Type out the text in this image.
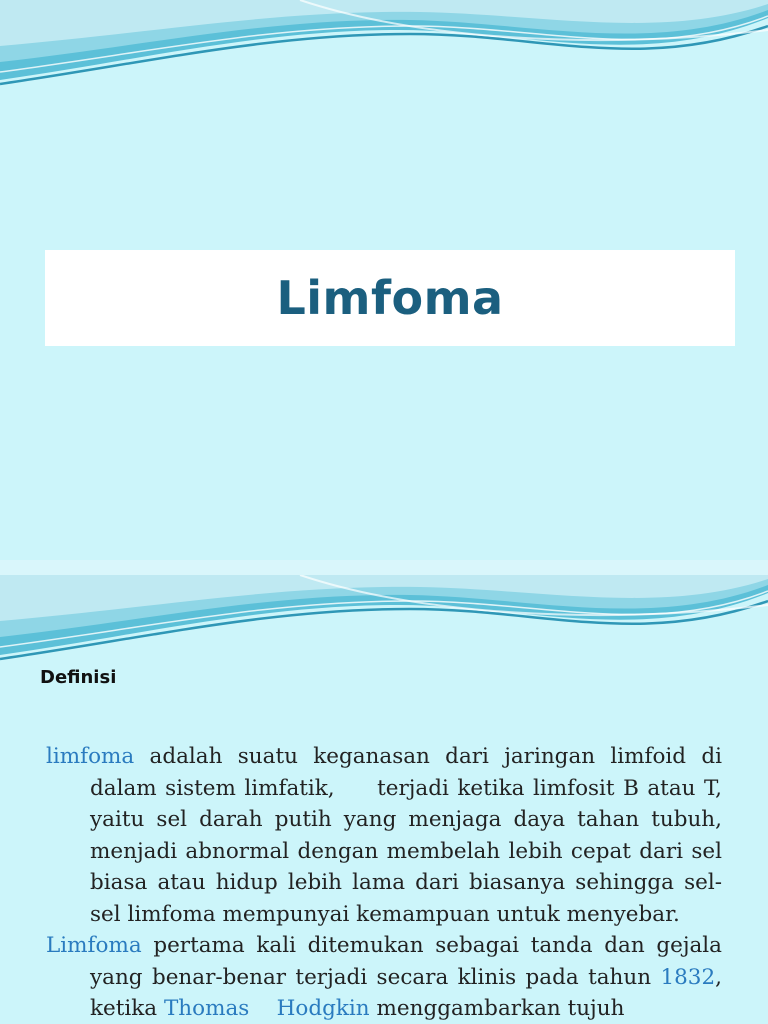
Limfoma
Definisi

limfoma adalah suatu keganasan dari jaringan limfoid di dalam sistem limfatik,     terjadi ketika limfosit B atau T, yaitu sel darah putih yang menjaga daya tahan tubuh, menjadi abnormal dengan membelah lebih cepat dari sel biasa atau hidup lebih lama dari biasanya sehingga sel-sel limfoma mempunyai kemampuan untuk menyebar.

Limfoma pertama kali ditemukan sebagai tanda dan gejala yang benar-benar terjadi secara klinis pada tahun 1832, ketika Thomas Hodgkin menggambarkan tujuh
